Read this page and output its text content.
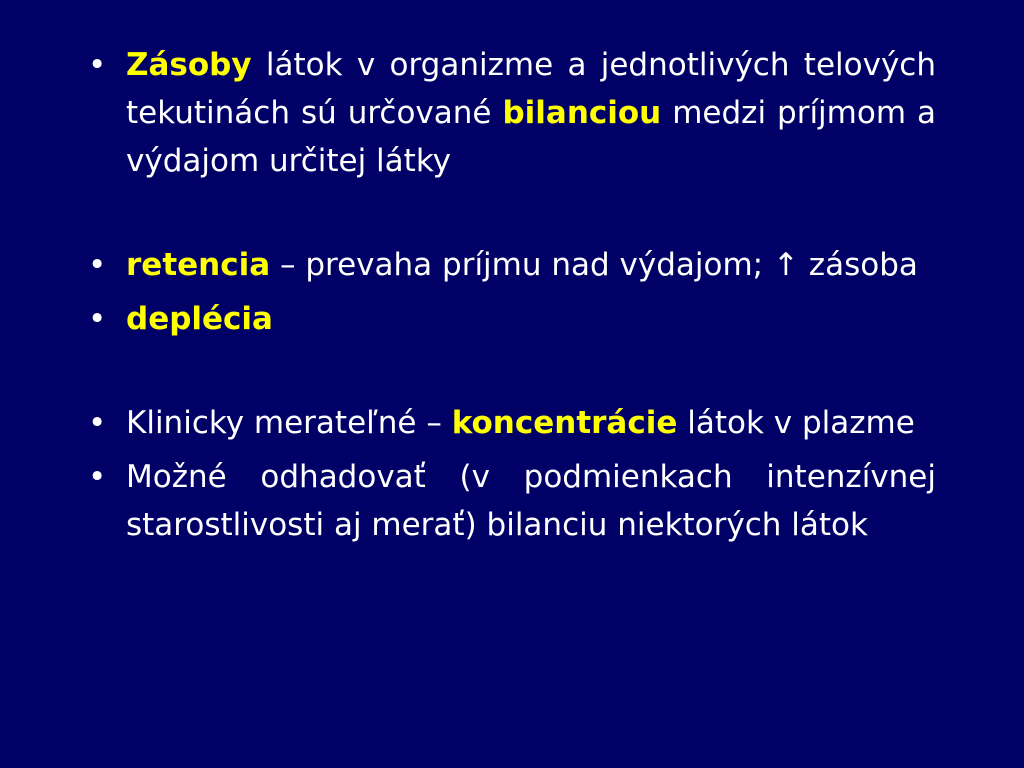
• Zásoby látok v organizme a jednotlivých telových tekutinách sú určované bilanciou medzi príjmom a výdajom určitej látky
• retencia – prevaha príjmu nad výdajom; ↑ zásoba
• deplécia
• Klinicky merateľné – koncentrácie látok v plazme
• Možné odhadovať (v podmienkach intenzívnej starostlivosti aj merať) bilanciu niektorých látok
